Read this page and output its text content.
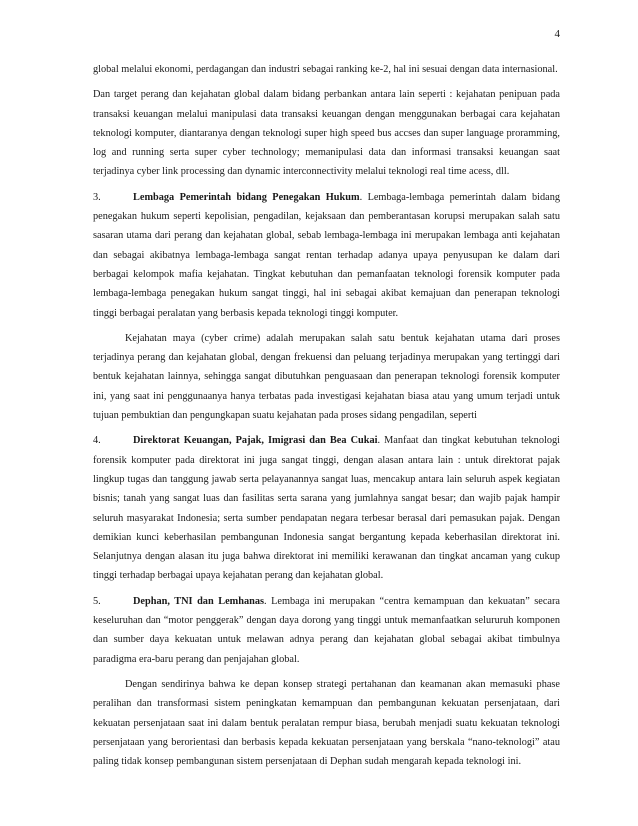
4

global melalui ekonomi, perdagangan dan industri sebagai ranking ke-2, hal ini sesuai dengan data internasional.

Dan target perang dan kejahatan global dalam bidang perbankan antara lain seperti : kejahatan penipuan pada transaksi keuangan melalui manipulasi data transaksi keuangan dengan menggunakan berbagai cara kejahatan teknologi komputer, diantaranya dengan teknologi super high speed bus accses dan super language proramming, log and running serta super cyber technology; memanipulasi data dan informasi transaksi keuangan saat terjadinya cyber link processing dan dynamic interconnectivity melalui teknologi real time acess, dll.

3.	Lembaga Pemerintah bidang Penegakan Hukum. Lembaga-lembaga pemerintah dalam bidang penegakan hukum seperti kepolisian, pengadilan, kejaksaan dan pemberantasan korupsi merupakan salah satu sasaran utama dari perang dan kejahatan global, sebab lembaga-lembaga ini merupakan lembaga anti kejahatan dan sebagai akibatnya lembaga-lembaga sangat rentan terhadap adanya upaya penyusupan ke dalam dari berbagai kelompok mafia kejahatan. Tingkat kebutuhan dan pemanfaatan teknologi forensik komputer pada lembaga-lembaga penegakan hukum sangat tinggi, hal ini sebagai akibat kemajuan dan penerapan teknologi tinggi berbagai peralatan yang berbasis kepada teknologi tinggi komputer.

Kejahatan maya (cyber crime) adalah merupakan salah satu bentuk kejahatan utama dari proses terjadinya perang dan kejahatan global, dengan frekuensi dan peluang terjadinya merupakan yang tertinggi dari bentuk kejahatan lainnya, sehingga sangat dibutuhkan penguasaan dan penerapan teknologi forensik komputer ini, yang saat ini penggunaanya hanya terbatas pada investigasi kejahatan biasa atau yang umum terjadi untuk tujuan pembuktian dan pengungkapan suatu kejahatan pada proses sidang pengadilan, seperti

4.	Direktorat Keuangan, Pajak, Imigrasi dan Bea Cukai. Manfaat dan tingkat kebutuhan teknologi forensik komputer pada direktorat ini juga sangat tinggi, dengan alasan antara lain : untuk direktorat pajak lingkup tugas dan tanggung jawab serta pelayanannya sangat luas, mencakup antara lain seluruh aspek kegiatan bisnis; tanah yang sangat luas dan fasilitas serta sarana yang jumlahnya sangat besar; dan wajib pajak hampir seluruh masyarakat Indonesia; serta sumber pendapatan negara terbesar berasal dari pemasukan pajak. Dengan demikian kunci keberhasilan pembangunan Indonesia sangat bergantung kepada keberhasilan direktorat ini. Selanjutnya dengan alasan itu juga bahwa direktorat ini memiliki kerawanan dan tingkat ancaman yang cukup tinggi terhadap berbagai upaya kejahatan perang dan kejahatan global.

5.	Dephan, TNI dan Lemhanas. Lembaga ini merupakan “centra kemampuan dan kekuatan” secara keseluruhan dan “motor penggerak” dengan daya dorong yang tinggi untuk memanfaatkan selururuh komponen dan sumber daya kekuatan untuk melawan adnya perang dan kejahatan global sebagai akibat timbulnya paradigma era-baru perang dan penjajahan global.

Dengan sendirinya bahwa ke depan konsep strategi pertahanan dan keamanan akan memasuki phase peralihan dan transformasi sistem peningkatan kemampuan dan pembangunan kekuatan persenjataan, dari kekuatan persenjataan saat ini dalam bentuk peralatan rempur biasa, berubah menjadi suatu kekuatan teknologi persenjataan yang berorientasi dan berbasis kepada kekuatan persenjataan yang berskala “nano-teknologi” atau paling tidak konsep pembangunan sistem persenjataan di Dephan sudah mengarah kepada teknologi ini.
